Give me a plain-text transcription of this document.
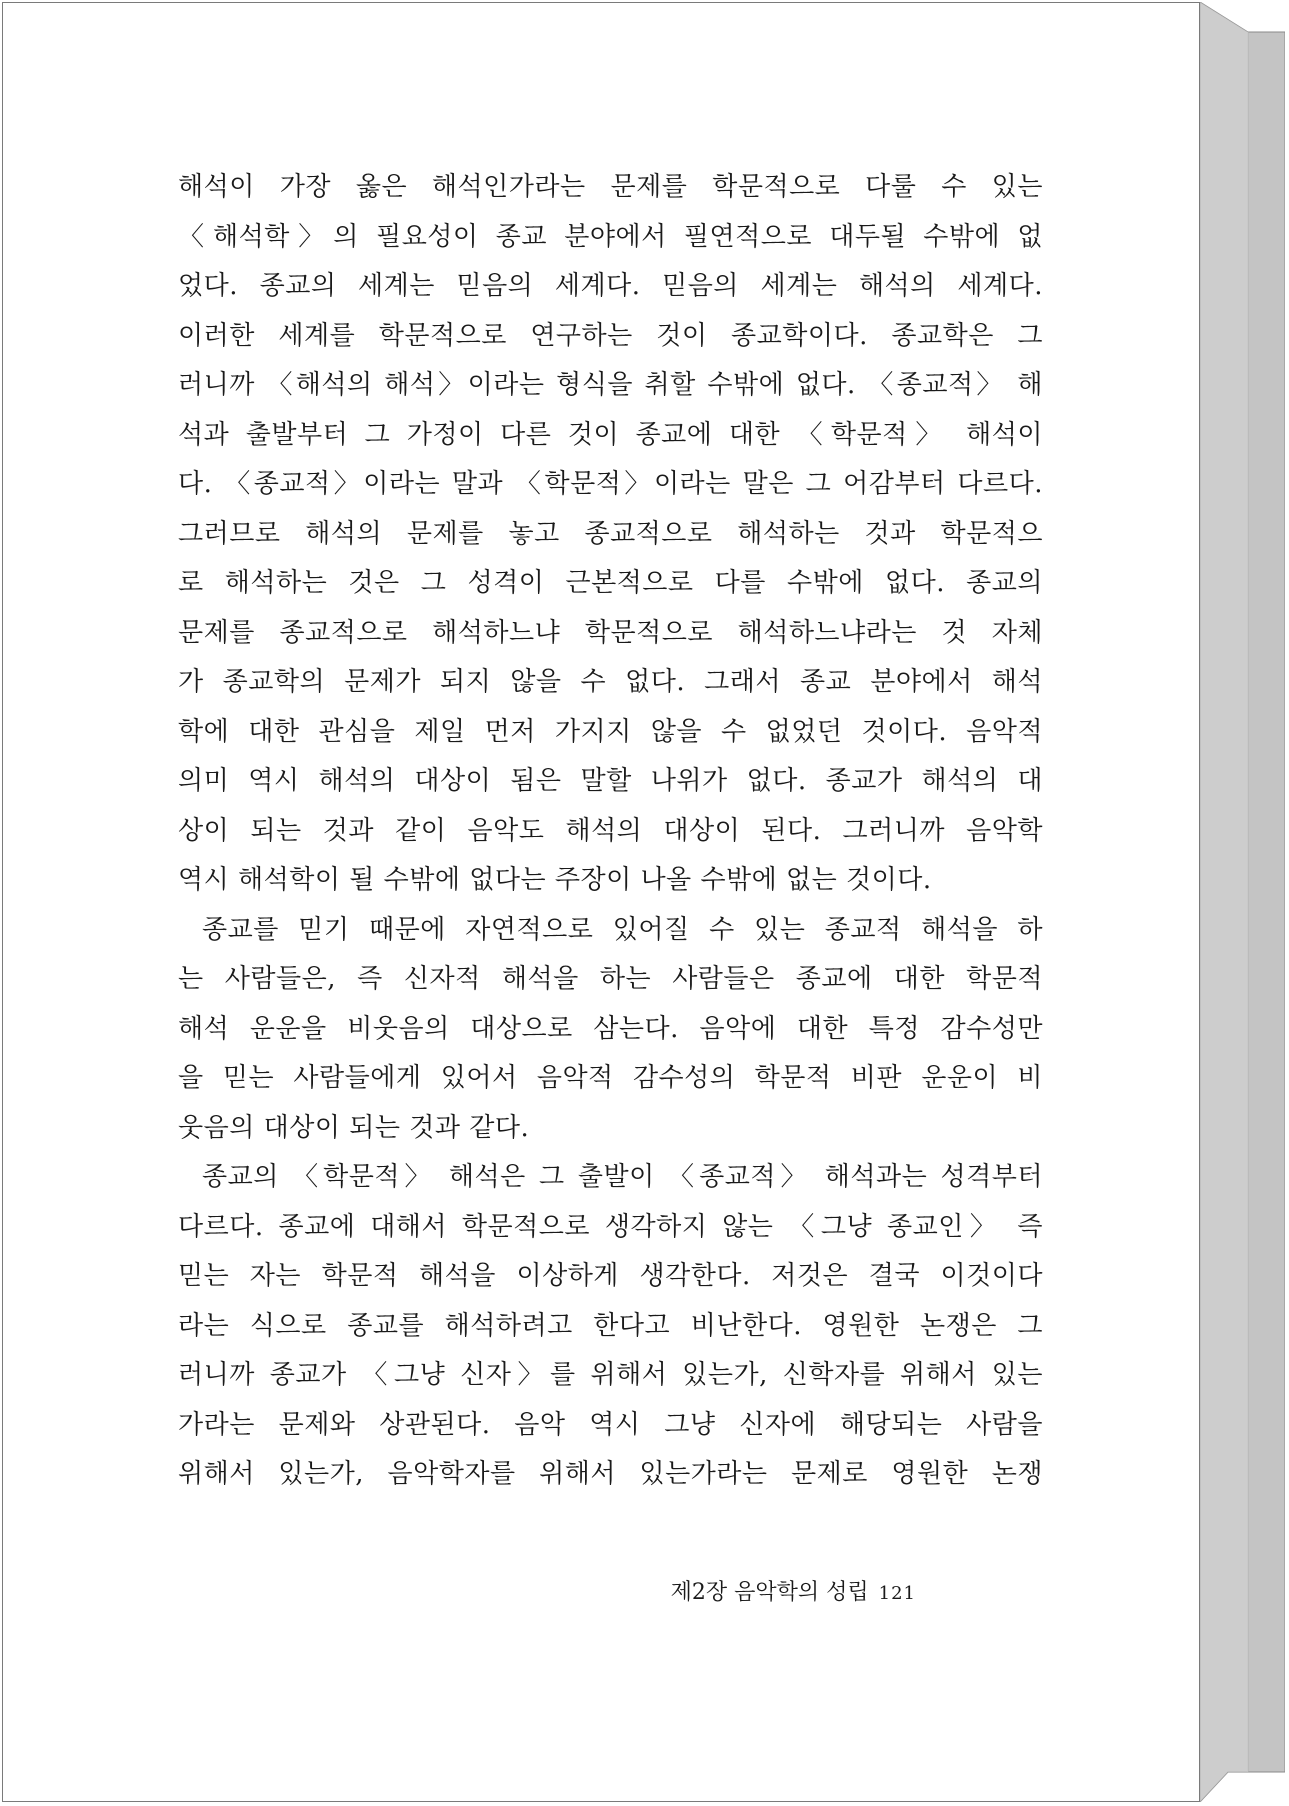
해석이 가장 옳은 해석인가라는 문제를 학문적으로 다룰 수 있는
〈해석학〉의 필요성이 종교 분야에서 필연적으로 대두될 수밖에 없
었다. 종교의 세계는 믿음의 세계다. 믿음의 세계는 해석의 세계다.
이러한 세계를 학문적으로 연구하는 것이 종교학이다. 종교학은 그
러니까 〈해석의 해석〉이라는 형식을 취할 수밖에 없다. 〈종교적〉 해
석과 출발부터 그 가정이 다른 것이 종교에 대한 〈학문적〉 해석이
다. 〈종교적〉이라는 말과 〈학문적〉이라는 말은 그 어감부터 다르다.
그러므로 해석의 문제를 놓고 종교적으로 해석하는 것과 학문적으
로 해석하는 것은 그 성격이 근본적으로 다를 수밖에 없다. 종교의
문제를 종교적으로 해석하느냐 학문적으로 해석하느냐라는 것 자체
가 종교학의 문제가 되지 않을 수 없다. 그래서 종교 분야에서 해석
학에 대한 관심을 제일 먼저 가지지 않을 수 없었던 것이다. 음악적
의미 역시 해석의 대상이 됨은 말할 나위가 없다. 종교가 해석의 대
상이 되는 것과 같이 음악도 해석의 대상이 된다. 그러니까 음악학
역시 해석학이 될 수밖에 없다는 주장이 나올 수밖에 없는 것이다.
종교를 믿기 때문에 자연적으로 있어질 수 있는 종교적 해석을 하
는 사람들은, 즉 신자적 해석을 하는 사람들은 종교에 대한 학문적
해석 운운을 비웃음의 대상으로 삼는다. 음악에 대한 특정 감수성만
을 믿는 사람들에게 있어서 음악적 감수성의 학문적 비판 운운이 비
웃음의 대상이 되는 것과 같다.
종교의 〈학문적〉 해석은 그 출발이 〈종교적〉 해석과는 성격부터
다르다. 종교에 대해서 학문적으로 생각하지 않는 〈그냥 종교인〉 즉
믿는 자는 학문적 해석을 이상하게 생각한다. 저것은 결국 이것이다
라는 식으로 종교를 해석하려고 한다고 비난한다. 영원한 논쟁은 그
러니까 종교가 〈그냥 신자〉를 위해서 있는가, 신학자를 위해서 있는
가라는 문제와 상관된다. 음악 역시 그냥 신자에 해당되는 사람을
위해서 있는가, 음악학자를 위해서 있는가라는 문제로 영원한 논쟁
제2장 음악학의 성립 121
